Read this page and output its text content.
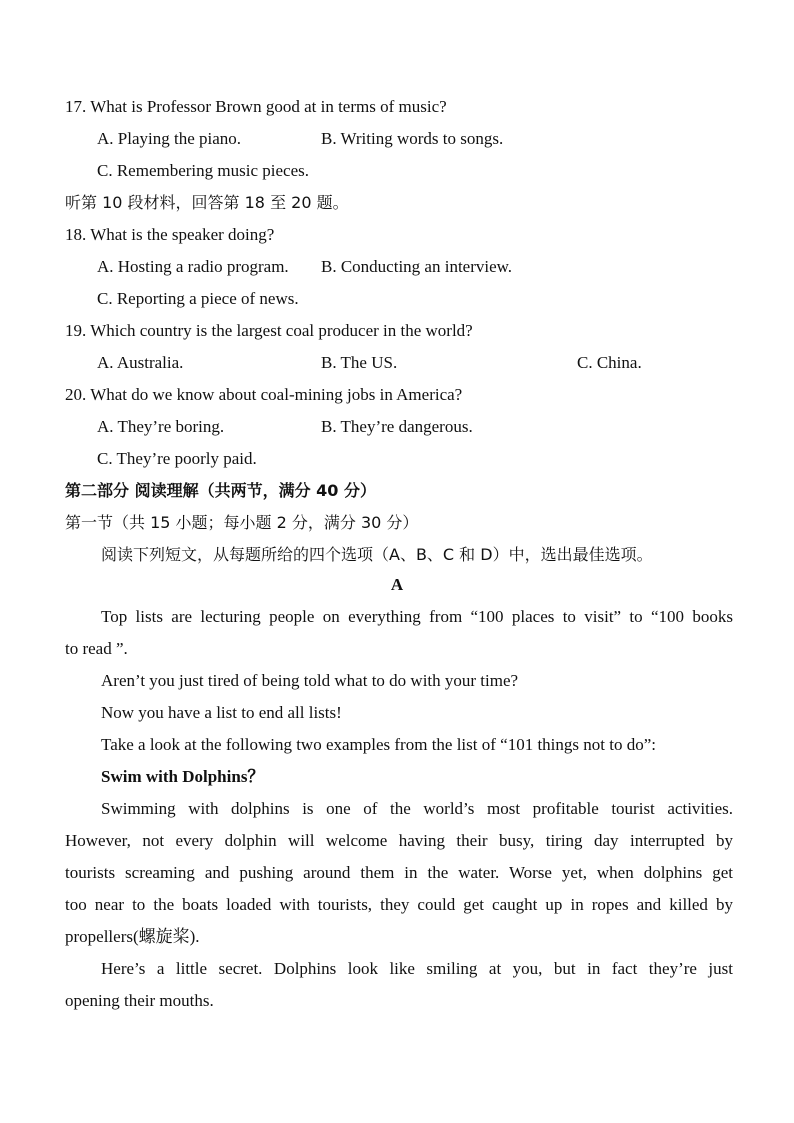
17. What is Professor Brown good at in terms of music?
A. Playing the piano.	B. Writing words to songs.
C. Remembering music pieces.
听第 10 段材料，回答第 18 至 20 题。
18. What is the speaker doing?
A. Hosting a radio program. B. Conducting an interview.
C. Reporting a piece of news.
19. Which country is the largest coal producer in the world?
A. Australia.	B. The US.	C. China.
20. What do we know about coal-mining jobs in America?
A. They’re boring.	B. They’re dangerous.
C. They’re poorly paid.
第二部分 阅读理解（共两节，满分 40 分）
第一节（共 15 小题；每小题 2 分，满分 30 分）
阅读下列短文，从每题所给的四个选项（A、B、C 和 D）中，选出最佳选项。
A
Top lists are lecturing people on everything from “100 places to visit” to “100 books
to read ”.
Aren’t you just tired of being told what to do with your time?
Now you have a list to end all lists!
Take a look at the following two examples from the list of “101 things not to do”:
Swim with Dolphins？
Swimming with dolphins is one of the world’s most profitable tourist activities.
However, not every dolphin will welcome having their busy, tiring day interrupted by
tourists screaming and pushing around them in the water. Worse yet, when dolphins get
too near to the boats loaded with tourists, they could get caught up in ropes and killed by
propellers(螺旋桨).
Here’s a little secret. Dolphins look like smiling at you, but in fact they’re just
opening their mouths.
